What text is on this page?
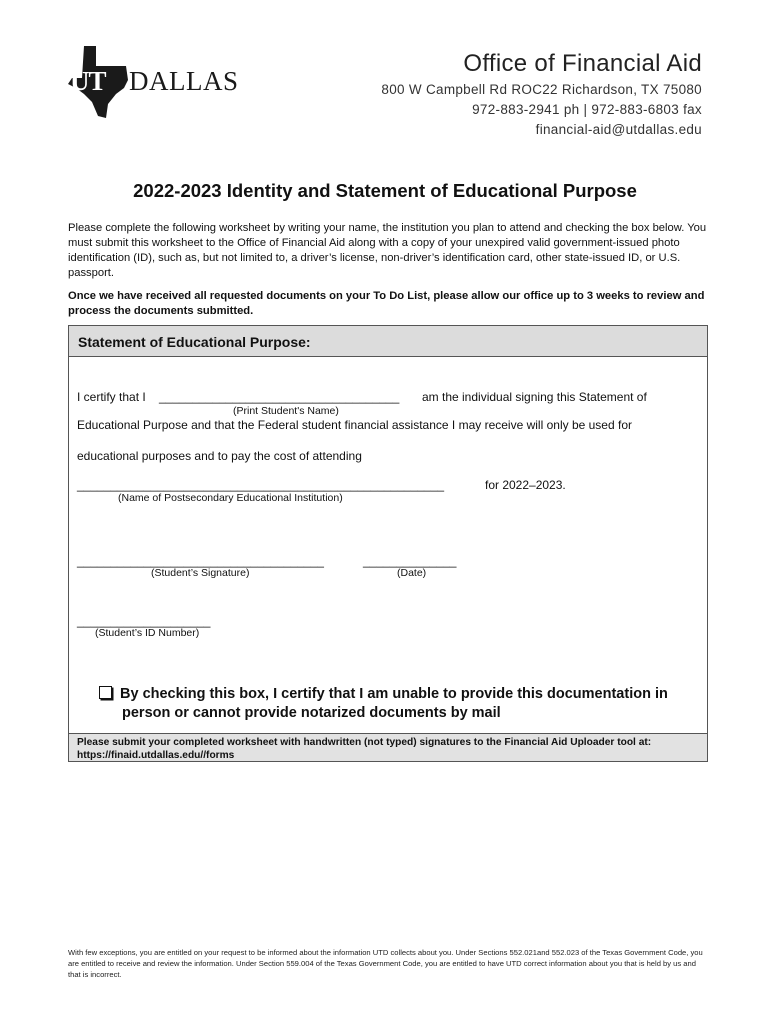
UT DALLAS
Office of Financial Aid
800 W Campbell Rd ROC22 Richardson, TX 75080
972-883-2941 ph | 972-883-6803 fax
financial-aid@utdallas.edu
2022-2023 Identity and Statement of Educational Purpose
Please complete the following worksheet by writing your name, the institution you plan to attend and checking the box below. You must submit this worksheet to the Office of Financial Aid along with a copy of your unexpired valid government-issued photo identification (ID), such as, but not limited to, a driver’s license, non-driver’s identification card, other state-issued ID, or U.S. passport.
Once we have received all requested documents on your To Do List, please allow our office up to 3 weeks to review and process the documents submitted.
Statement of Educational Purpose:
I certify that I ____________________________________ am the individual signing this Statement of
(Print Student's Name)
Educational Purpose and that the Federal student financial assistance I may receive will only be used for
educational purposes and to pay the cost of attending
_______________________________________________________	for 2022–2023.
(Name of Postsecondary Educational Institution)
_____________________________________	______________
(Student’s Signature)	(Date)
____________________
(Student’s ID Number)
By checking this box, I certify that I am unable to provide this documentation in
person or cannot provide notarized documents by mail
Please submit your completed worksheet with handwritten (not typed) signatures to the Financial Aid Uploader tool at: https://finaid.utdallas.edu//forms
With few exceptions, you are entitled on your request to be informed about the information UTD collects about you. Under Sections 552.021and 552.023 of the Texas Government Code, you are entitled to receive and review the information. Under Section 559.004 of the Texas Government Code, you are entitled to have UTD correct information about you that is held by us and that is incorrect.
